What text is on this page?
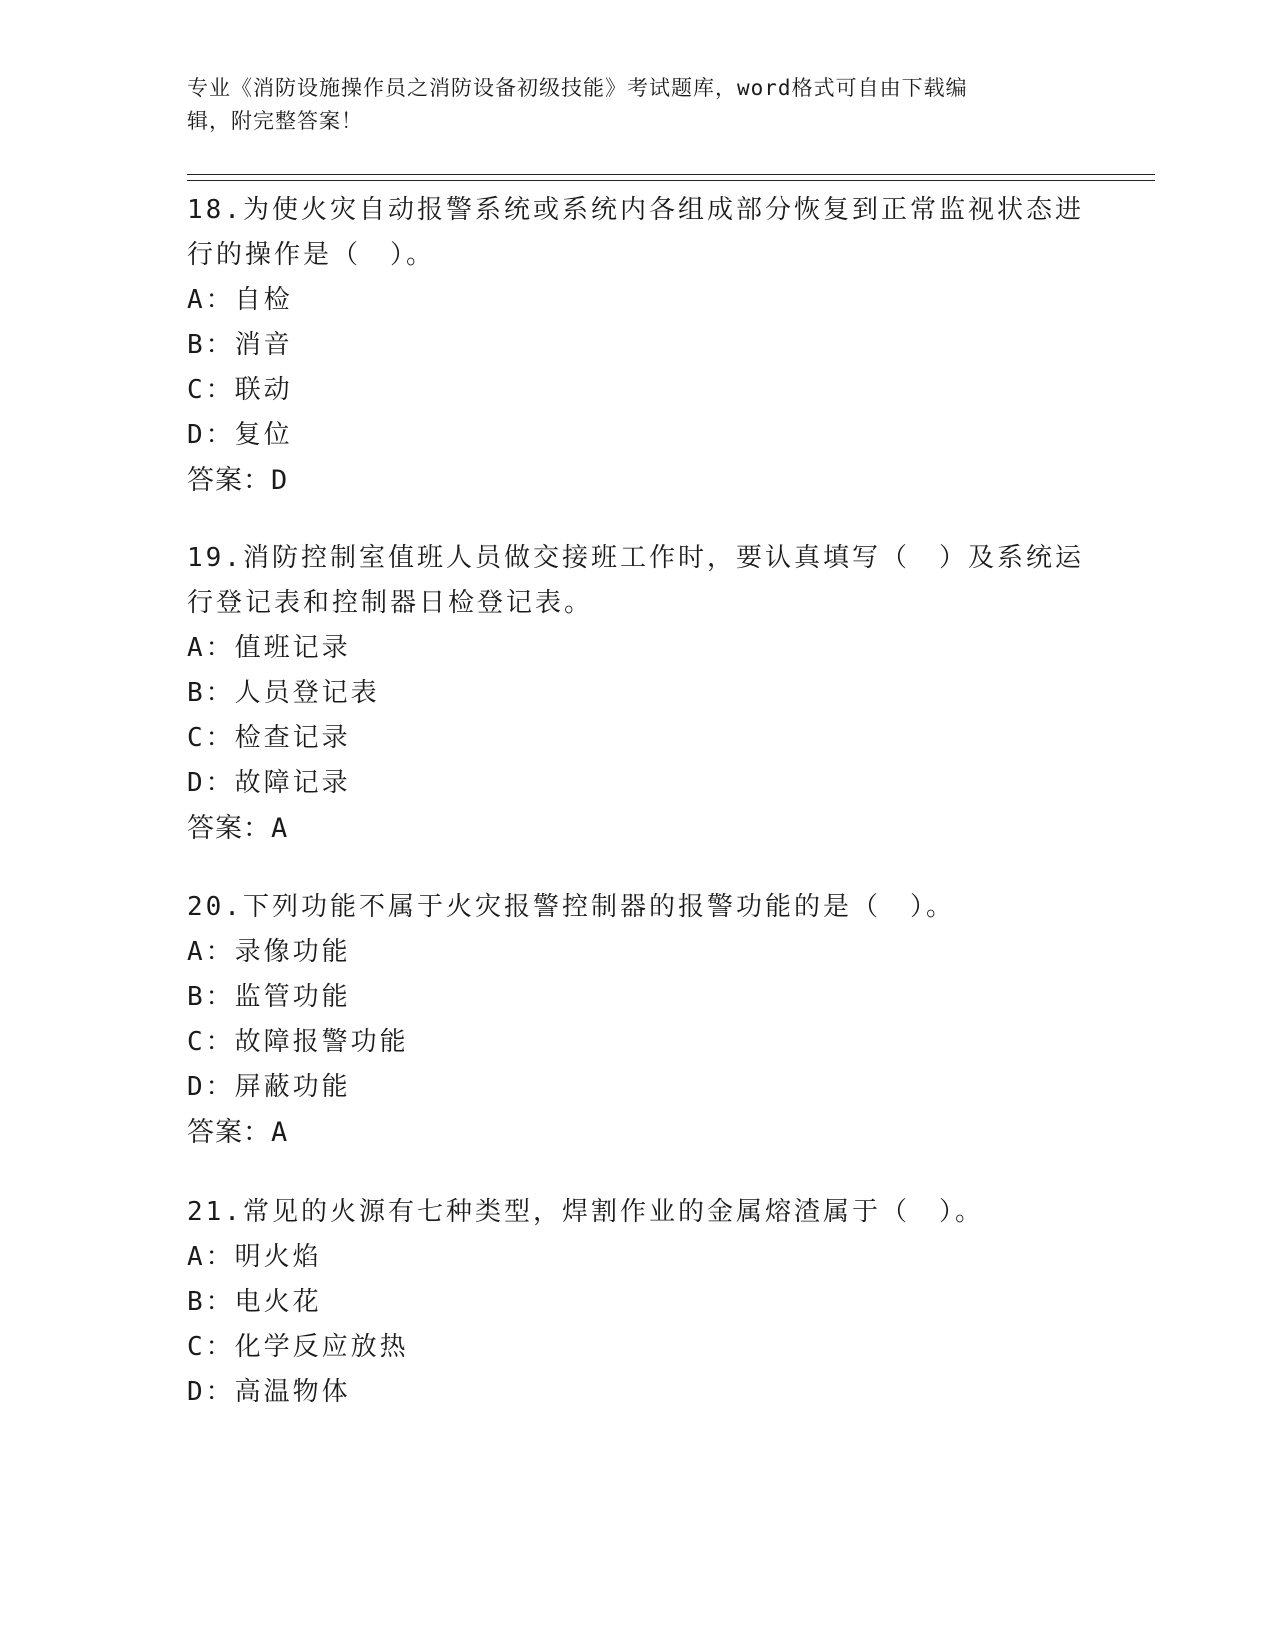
专业《消防设施操作员之消防设备初级技能》考试题库，word格式可自由下载编
辑，附完整答案！

18.为使火灾自动报警系统或系统内各组成部分恢复到正常监视状态进

行的操作是（　）。

A：自检

B：消音

C：联动

D：复位

答案：D

19.消防控制室值班人员做交接班工作时，要认真填写（　）及系统运

行登记表和控制器日检登记表。

A：值班记录

B：人员登记表

C：检查记录

D：故障记录

答案：A

20.下列功能不属于火灾报警控制器的报警功能的是（　）。

A：录像功能

B：监管功能

C：故障报警功能

D：屏蔽功能

答案：A

21.常见的火源有七种类型，焊割作业的金属熔渣属于（　）。

A：明火焰

B：电火花

C：化学反应放热

D：高温物体
